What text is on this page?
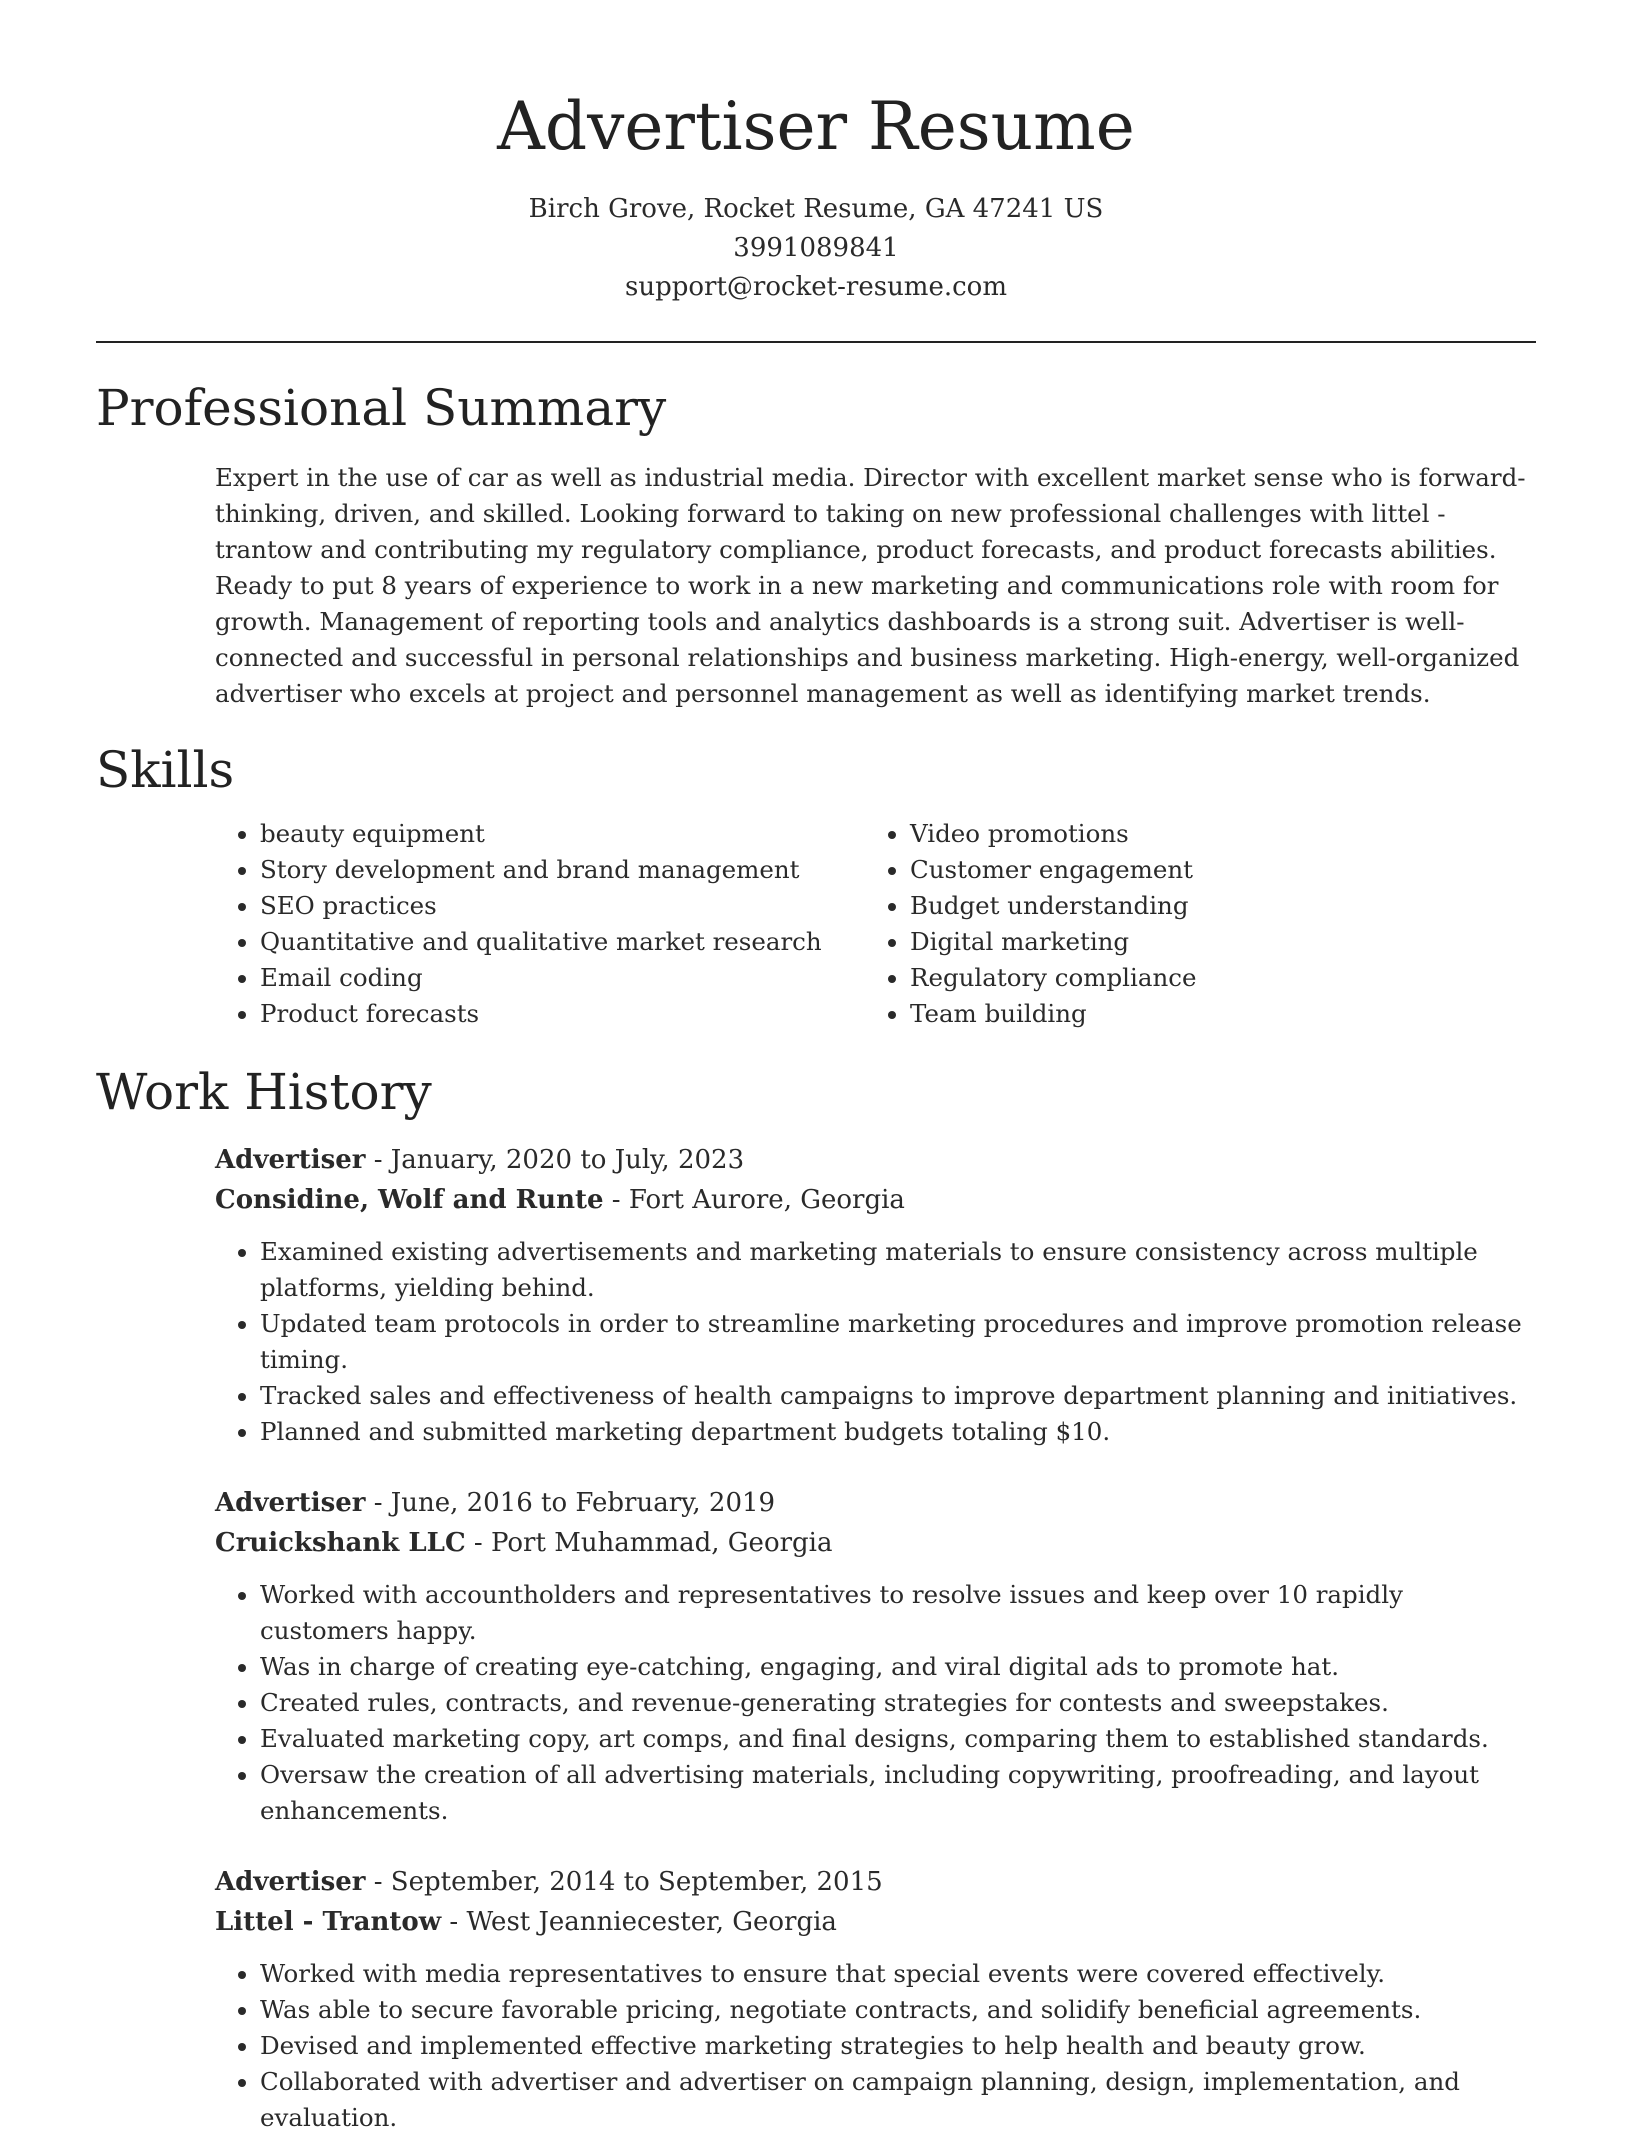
Advertiser Resume
Birch Grove, Rocket Resume, GA 47241 US
3991089841
support@rocket-resume.com
Professional Summary

Expert in the use of car as well as industrial media. Director with excellent market sense who is forward-thinking, driven, and skilled. Looking forward to taking on new professional challenges with littel - trantow and contributing my regulatory compliance, product forecasts, and product forecasts abilities. Ready to put 8 years of experience to work in a new marketing and communications role with room for growth. Management of reporting tools and analytics dashboards is a strong suit. Advertiser is well-connected and successful in personal relationships and business marketing. High-energy, well-organized advertiser who excels at project and personnel management as well as identifying market trends.

Skills
• beauty equipment
• Story development and brand management
• SEO practices
• Quantitative and qualitative market research
• Email coding
• Product forecasts
• Video promotions
• Customer engagement
• Budget understanding
• Digital marketing
• Regulatory compliance
• Team building
Work History
Advertiser - January, 2020 to July, 2023
Considine, Wolf and Runte - Fort Aurore, Georgia
• Examined existing advertisements and marketing materials to ensure consistency across multiple platforms, yielding behind.
• Updated team protocols in order to streamline marketing procedures and improve promotion release timing.
• Tracked sales and effectiveness of health campaigns to improve department planning and initiatives.
• Planned and submitted marketing department budgets totaling $10.
Advertiser - June, 2016 to February, 2019
Cruickshank LLC - Port Muhammad, Georgia
• Worked with accountholders and representatives to resolve issues and keep over 10 rapidly customers happy.
• Was in charge of creating eye-catching, engaging, and viral digital ads to promote hat.
• Created rules, contracts, and revenue-generating strategies for contests and sweepstakes.
• Evaluated marketing copy, art comps, and final designs, comparing them to established standards.
• Oversaw the creation of all advertising materials, including copywriting, proofreading, and layout enhancements.
Advertiser - September, 2014 to September, 2015
Littel - Trantow - West Jeanniecester, Georgia
• Worked with media representatives to ensure that special events were covered effectively.
• Was able to secure favorable pricing, negotiate contracts, and solidify beneficial agreements.
• Devised and implemented effective marketing strategies to help health and beauty grow.
• Collaborated with advertiser and advertiser on campaign planning, design, implementation, and evaluation.
